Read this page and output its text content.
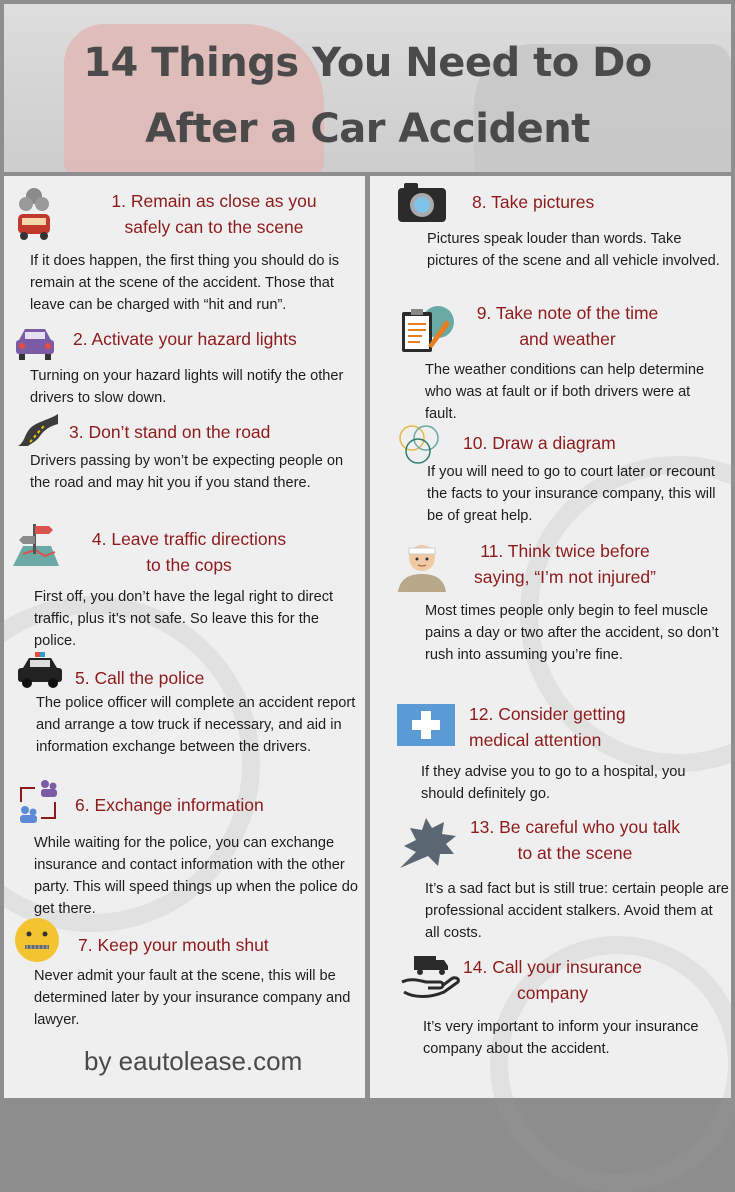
14 Things You Need to Do
After a Car Accident
1. Remain as close as you
safely can to the scene
If it does happen, the first thing you should do is remain at the scene of the accident. Those that leave can be charged with “hit and run”.
2. Activate your hazard lights
Turning on your hazard lights will notify the other drivers to slow down.
3. Don’t stand on the road
Drivers passing by won’t be expecting people on the road and may hit you if you stand there.
4. Leave traffic directions
to the cops
First off, you don’t have the legal right to direct traffic, plus it’s not safe. So leave this for the police.
5. Call the police
The police officer will complete an accident report and arrange a tow truck if necessary, and aid in information exchange between the drivers.
6. Exchange information
While waiting for the police, you can exchange insurance and contact information with the other party. This will speed things up when the police do get there.
7. Keep your mouth shut
Never admit your fault at the scene, this will be determined later by your insurance company and lawyer.
8. Take pictures
Pictures speak louder than words. Take pictures of the scene and all vehicle involved.
9. Take note of the time
and weather
The weather conditions can help determine who was at fault or if both drivers were at fault.
10. Draw a diagram
If you will need to go to court later or recount the facts to your insurance company, this will be of great help.
11. Think twice before
saying, “I’m not injured”
Most times people only begin to feel muscle pains a day or two after the accident, so don’t rush into assuming you’re fine.
12. Consider getting
medical attention
If they advise you to go to a hospital, you should definitely go.
13. Be careful who you talk
to at the scene
It’s a sad fact but is still true: certain people are professional accident stalkers. Avoid them at all costs.
14. Call your insurance
company
It’s very important to inform your insurance company about the accident.
by eautolease.com
